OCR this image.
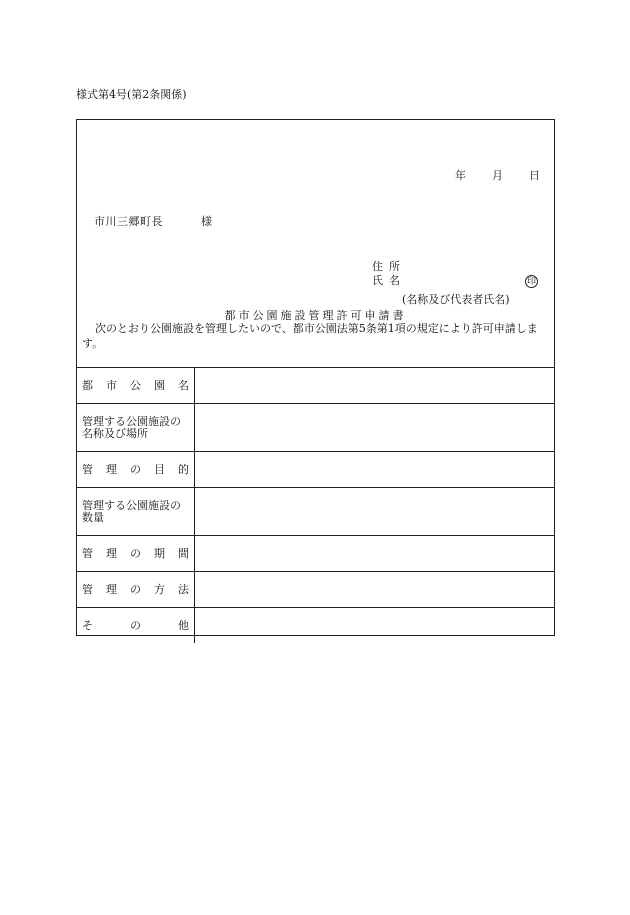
様式第4号(第2条関係)
年 月 日
市川三郷町長	様
住所
氏名	印
(名称及び代表者氏名)
都市公園施設管理許可申請書
次のとおり公園施設を管理したいので、都市公園法第5条第1項の規定により許可申請します。
都 市 公 園 名
管理する公園施設の名称及び場所
管 理 の 目 的
管理する公園施設の数量
管 理 の 期 間
管 理 の 方 法
そ	の	他
